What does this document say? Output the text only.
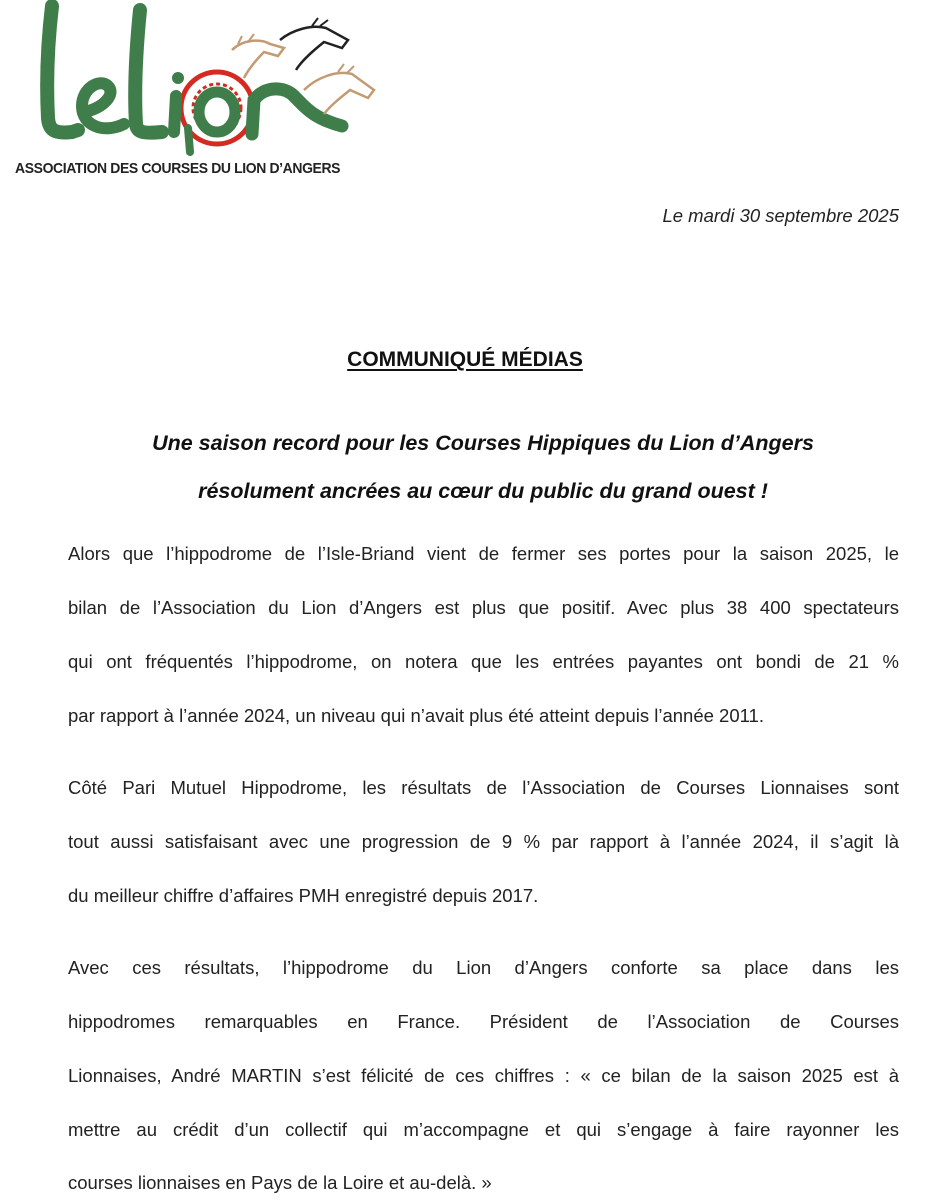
ASSOCIATION DES COURSES DU LION D’ANGERS
Le mardi 30 septembre 2025
COMMUNIQUÉ MÉDIAS
Une saison record pour les Courses Hippiques du Lion d’Angers
résolument ancrées au cœur du public du grand ouest !
Alors que l’hippodrome de l’Isle-Briand vient de fermer ses portes pour la saison 2025, le
bilan de l’Association du Lion d’Angers est plus que positif. Avec plus 38 400 spectateurs
qui ont fréquentés l’hippodrome, on notera que les entrées payantes ont bondi de 21 %
par rapport à l’année 2024, un niveau qui n’avait plus été atteint depuis l’année 2011.
Côté Pari Mutuel Hippodrome, les résultats de l’Association de Courses Lionnaises sont
tout aussi satisfaisant avec une progression de 9 % par rapport à l’année 2024, il s’agit là
du meilleur chiffre d’affaires PMH enregistré depuis 2017.
Avec ces résultats, l’hippodrome du Lion d’Angers conforte sa place dans les
hippodromes remarquables en France. Président de l’Association de Courses
Lionnaises, André MARTIN s’est félicité de ces chiffres : « ce bilan de la saison 2025 est à
mettre au crédit d’un collectif qui m’accompagne et qui s’engage à faire rayonner les
courses lionnaises en Pays de la Loire et au-delà. »
